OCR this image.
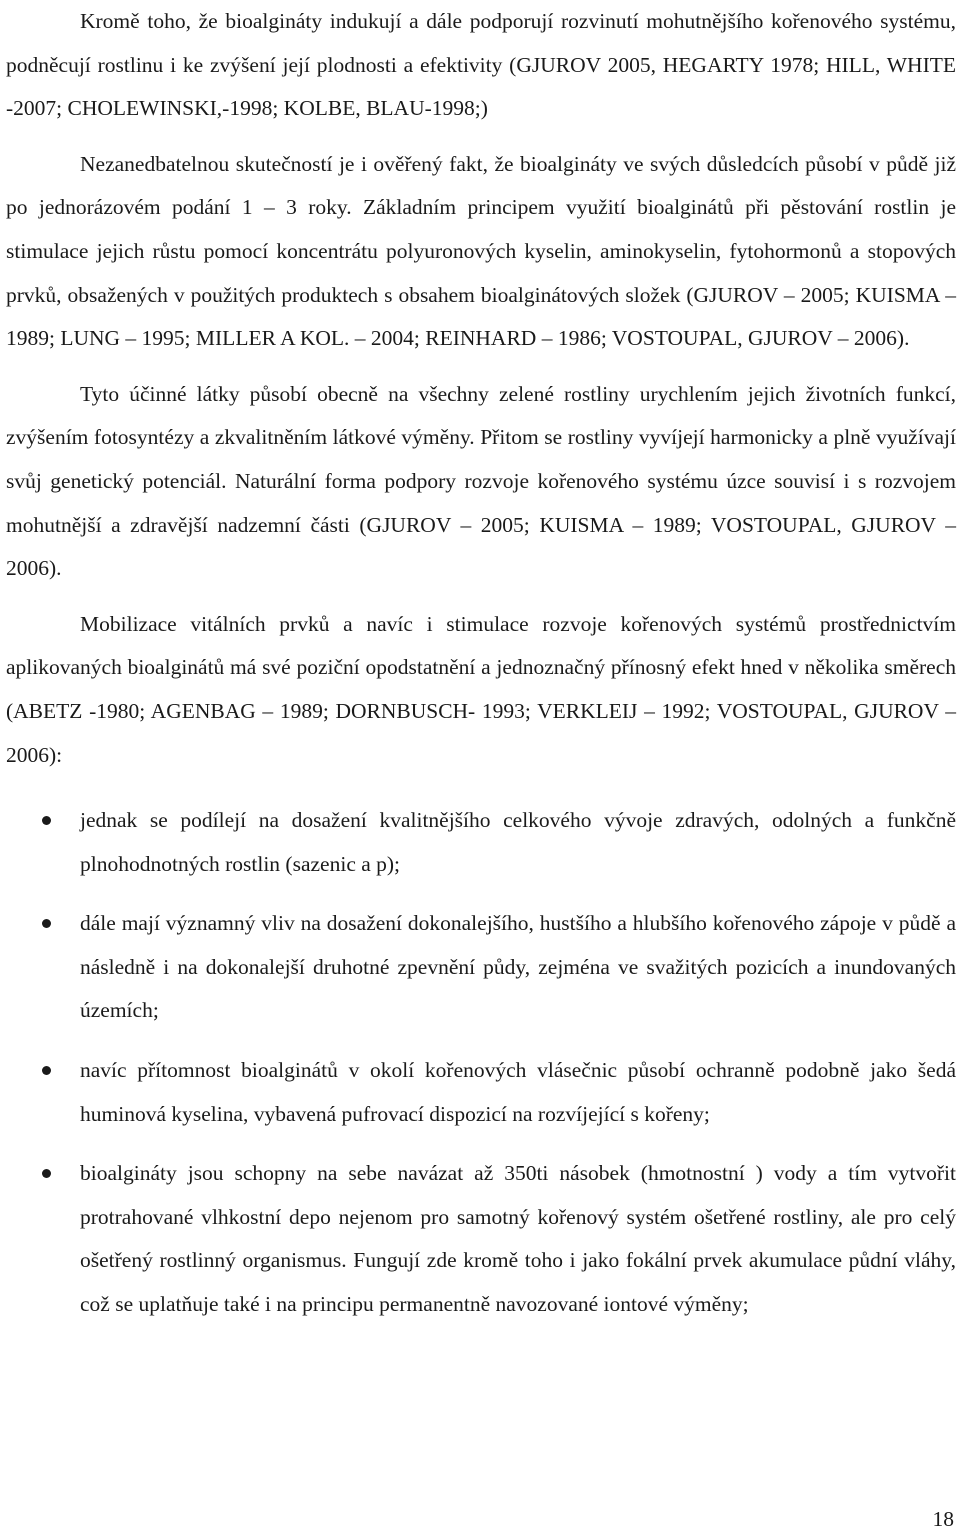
Kromě toho, že bioalgináty indukují a dále podporují rozvinutí mohutnějšího kořenového systému, podněcují rostlinu i ke zvýšení její plodnosti a efektivity (GJUROV 2005, HEGARTY 1978; HILL, WHITE -2007; CHOLEWINSKI,-1998; KOLBE, BLAU-1998;)

Nezanedbatelnou skutečností je i ověřený fakt, že bioalgináty ve svých důsledcích působí v půdě již po jednorázovém podání 1 – 3 roky. Základním principem využití bioalginátů při pěstování rostlin je stimulace jejich růstu pomocí koncentrátu polyuronových kyselin, aminokyselin, fytohormonů a stopových prvků, obsažených v použitých produktech s obsahem bioalginátových složek (GJUROV – 2005; KUISMA – 1989; LUNG – 1995; MILLER A KOL. – 2004; REINHARD – 1986; VOSTOUPAL, GJUROV – 2006).

Tyto účinné látky působí obecně na všechny zelené rostliny urychlením jejich životních funkcí, zvýšením fotosyntézy a zkvalitněním látkové výměny. Přitom se rostliny vyvíjejí harmonicky a plně využívají svůj genetický potenciál. Naturální forma podpory rozvoje kořenového systému úzce souvisí i s rozvojem mohutnější a zdravější nadzemní části (GJUROV – 2005; KUISMA – 1989; VOSTOUPAL, GJUROV – 2006).

Mobilizace vitálních prvků a navíc i stimulace rozvoje kořenových systémů prostřednictvím aplikovaných bioalginátů má své poziční opodstatnění a jednoznačný přínosný efekt hned v několika směrech (ABETZ -1980; AGENBAG – 1989; DORNBUSCH- 1993; VERKLEIJ – 1992; VOSTOUPAL, GJUROV – 2006):

jednak se podílejí na dosažení kvalitnějšího celkového vývoje zdravých, odolných a funkčně plnohodnotných rostlin (sazenic a p);
dále mají významný vliv na dosažení dokonalejšího, hustšího a hlubšího kořenového zápoje v půdě a následně i na dokonalejší druhotné zpevnění půdy, zejména ve svažitých pozicích a inundovaných územích;
navíc přítomnost bioalginátů v okolí kořenových vlásečnic působí ochranně podobně jako šedá huminová kyselina, vybavená pufrovací dispozicí na rozvíjející s kořeny;
bioalgináty jsou schopny na sebe navázat až 350ti násobek (hmotnostní ) vody a tím vytvořit protrahované vlhkostní depo nejenom pro samotný kořenový systém ošetřené rostliny, ale pro celý ošetřený rostlinný organismus. Fungují zde kromě toho i jako fokální prvek akumulace půdní vláhy, což se uplatňuje také i na principu permanentně navozované iontové výměny;
18
